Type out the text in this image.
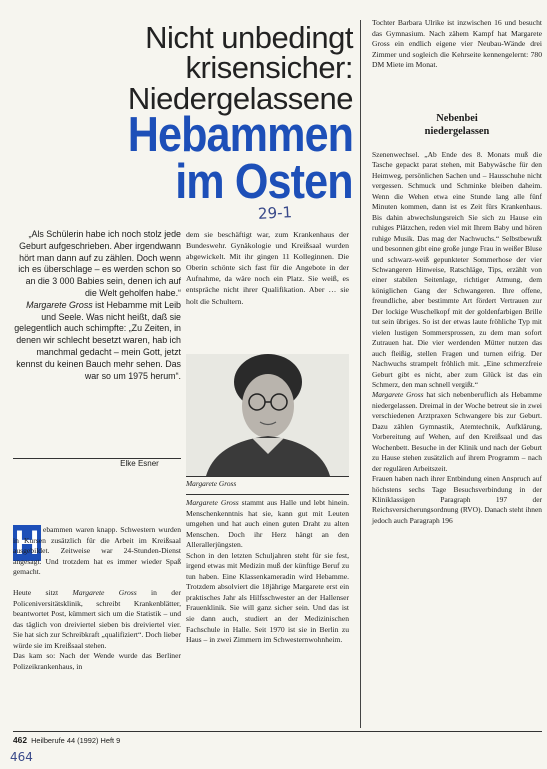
Nicht unbedingt
krisensicher:
Niedergelassene
Hebammen
im Osten
29-1

„Als Schülerin habe ich noch stolz jede Geburt aufgeschrieben. Aber irgendwann hört man dann auf zu zählen. Doch wenn ich es überschlage – es werden schon so an die 3 000 Babies sein, denen ich auf die Welt geholfen habe.“

Margarete Gross ist Hebamme mit Leib und Seele. Was nicht heißt, daß sie gelegentlich auch schimpfte: „Zu Zeiten, in denen wir schlecht besetzt waren, hab ich manchmal gedacht – mein Gott, jetzt kennst du keinen Bauch mehr sehen. Das war so um 1975 herum“.

Elke Esner

dem sie beschäftigt war, zum Krankenhaus der Bundeswehr. Gynäkologie und Kreißsaal wurden abgewickelt. Mit ihr gingen 11 Kolleginnen. Die Oberin schönte sich fast für die Angebote in der Aufnahme, da wäre noch ein Platz. Sie weiß, es entspräche nicht ihrer Qualifikation. Aber … sie holt die Schultern.

Margarete Gross
H ebammen waren knapp. Schwestern wurden in Kursen zusätzlich für die Arbeit im Kreißsaal ausgebildet. Zeitweise war 24-Stunden-Dienst angesagt. Und trotzdem hat es immer wieder Spaß gemacht.

Heute sitzt Margarete Gross in der Policeniversitätsklinik, schreibt Krankenblätter, beantwortet Post, kümmert sich um die Statistik – und das täglich von dreiviertel sieben bis dreiviertel vier. Sie hat sich zur Schreibkraft „qualifiziert“. Doch lieber würde sie im Kreißsaal stehen.

Das kam so: Nach der Wende wurde das Berliner Polizeikrankenhaus, in

Margarete Gross stammt aus Halle und lebt hinein. Menschenkenntnis hat sie, kann gut mit Leuten umgehen und hat auch einen guten Draht zu alten Menschen. Doch ihr Herz hängt an den Allerallerjüngsten.

Schon in den letzten Schuljahren steht für sie fest, irgend etwas mit Medizin muß der künftige Beruf zu tun haben. Eine Klassenkameradin wird Hebamme. Trotzdem absolviert die 18jährige Margarete erst ein praktisches Jahr als Hilfsschwester an der Hallenser Frauenklinik. Sie will ganz sicher sein. Und das ist sie dann auch, studiert an der Medizinischen Fachschule in Halle. Seit 1970 ist sie in Berlin zu Haus – in zwei Zimmern im Schwesternwohnheim.

Tochter Barbara Ulrike ist inzwischen 16 und besucht das Gymnasium. Nach zähem Kampf hat Margarete Gross ein endlich eigene vier Neubau-Wände drei Zimmer und sogleich die Kehrseite kennengelernt: 780 DM Miete im Monat.

Nebenbei
niedergelassen

Szenenwechsel. „Ab Ende des 8. Monats muß die Tasche gepackt parat stehen, mit Babywäsche für den Heimweg, persönlichen Sachen und – Hausschuhe nicht vergessen. Schmuck und Schminke bleiben daheim. Wenn die Wehen etwa eine Stunde lang alle fünf Minuten kommen, dann ist es Zeit fürs Krankenhaus. Bis dahin abwechslungsreich Sie sich zu Hause ein ruhiges Plätzchen, reden viel mit Ihrem Baby und hören ruhige Musik. Das mag der Nachwuchs.“ Selbstbewußt und besonnen gibt eine große junge Frau in weißer Bluse und schwarz-weiß gepunkteter Sommerhose der vier Schwangeren Hinweise, Ratschläge, Tips, erzählt von einer stabilen Seitenlage, richtiger Atmung, dem königlichen Gang der Schwangeren. Ihre offene, freundliche, aber bestimmte Art fördert Vertrauen zur Der lockige Wuschelkopf mit der goldenfarbigen Brille tut sein übriges. So ist der etwas laute fröhliche Typ mit vielen lustigen Sommersprossen, zu dem man sofort Zutrauen hat. Die vier werdenden Mütter nutzen das auch fleißig, stellen Fragen und turnen eifrig. Der Nachwuchs strampelt fröhlich mit. „Eine schmerzfreie Geburt gibt es nicht, aber zum Glück ist das ein Schmerz, den man schnell vergißt.“

Margarete Gross hat sich nebenberuflich als Hebamme niedergelassen. Dreimal in der Woche betreut sie in zwei verschiedenen Arztpraxen Schwangere bis zur Geburt. Dazu zählen Gymnastik, Atemtechnik, Aufklärung, Vorbereitung auf Wehen, auf den Kreißsaal und das Wochenbett. Besuche in der Klinik und nach der Geburt zu Hause stehen zusätzlich auf ihrem Programm – nach der regulären Arbeitszeit.

Frauen haben nach ihrer Entbindung einen Anspruch auf höchstens sechs Tage Besuchsverbindung in der Kliniklassigen Paragraph 197 der Reichsversicherungsordnung (RVO). Danach steht ihnen jedoch auch Paragraph 196

462 Heilberufe 44 (1992) Heft 9
464
